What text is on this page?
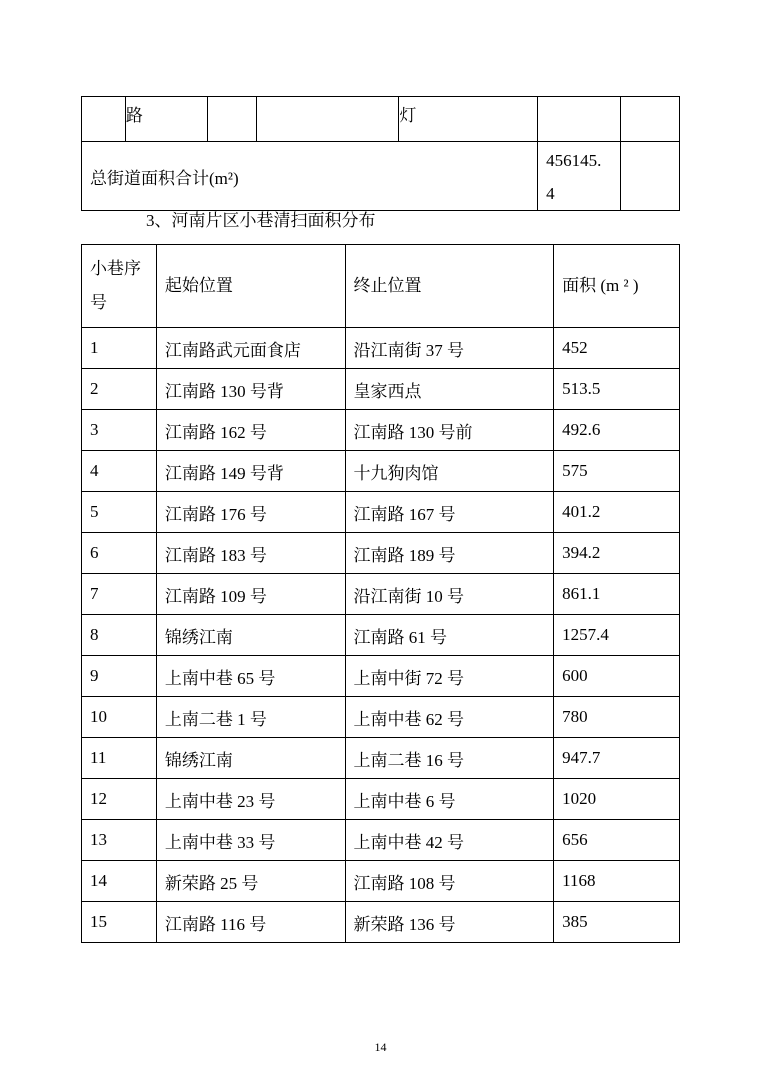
	路			灯		
总街道面积合计(m²)					456145.
4	

3、河南片区小巷清扫面积分布

小巷序
号	起始位置	终止位置	面积 (m ² )
1	江南路武元面食店	沿江南街 37 号	452
2	江南路 130 号背	皇家西点	513.5
3	江南路 162 号	江南路 130 号前	492.6
4	江南路 149 号背	十九狗肉馆	575
5	江南路 176 号	江南路 167 号	401.2
6	江南路 183 号	江南路 189 号	394.2
7	江南路 109 号	沿江南街 10 号	861.1
8	锦绣江南	江南路 61 号	1257.4
9	上南中巷 65 号	上南中街 72 号	600
10	上南二巷 1 号	上南中巷 62 号	780
11	锦绣江南	上南二巷 16 号	947.7
12	上南中巷 23 号	上南中巷 6 号	1020
13	上南中巷 33 号	上南中巷 42 号	656
14	新荣路 25 号	江南路 108 号	1168
15	江南路 116 号	新荣路 136 号	385
14
